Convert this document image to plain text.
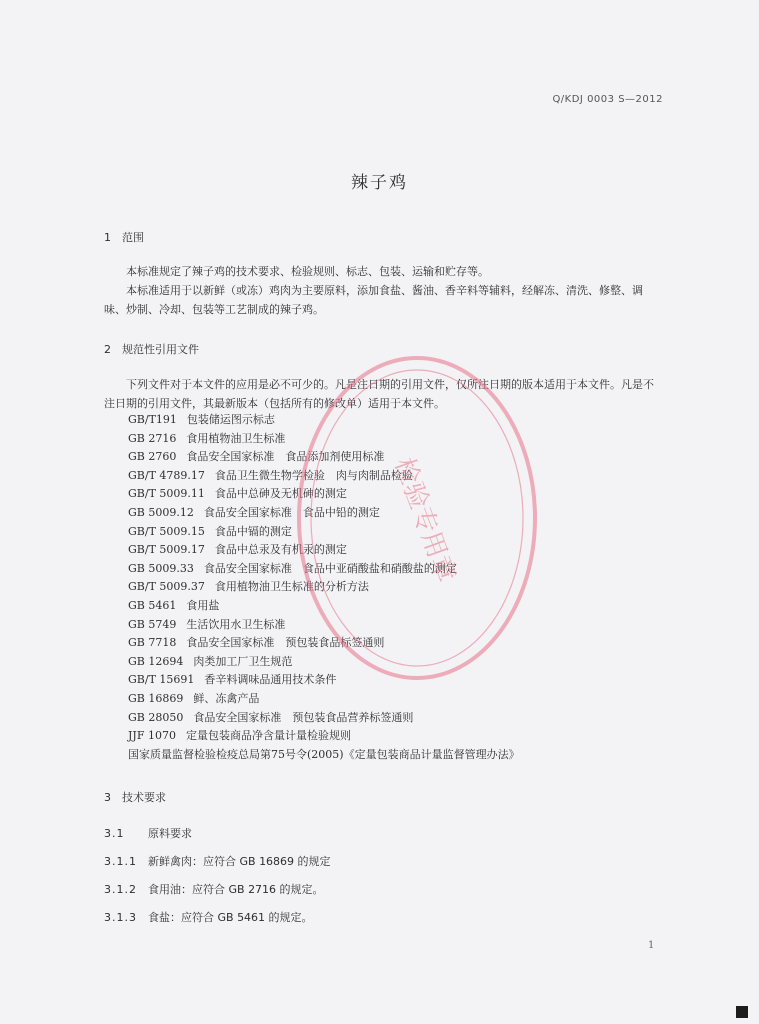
Q/KDJ 0003 S—2012
辣子鸡
1 范围
本标准规定了辣子鸡的技术要求、检验规则、标志、包装、运输和贮存等。
本标准适用于以新鲜（或冻）鸡肉为主要原料，添加食盐、酱油、香辛料等辅料，经解冻、清洗、修整、调味、炒制、冷却、包装等工艺制成的辣子鸡。
2 规范性引用文件
下列文件对于本文件的应用是必不可少的。凡是注日期的引用文件，仅所注日期的版本适用于本文件。凡是不注日期的引用文件，其最新版本（包括所有的修改单）适用于本文件。
GB/T191 包装储运图示标志
GB 2716 食用植物油卫生标准
GB 2760 食品安全国家标准　食品添加剂使用标准
GB/T 4789.17 食品卫生微生物学检验　肉与肉制品检验
GB/T 5009.11 食品中总砷及无机砷的测定
GB 5009.12 食品安全国家标准　食品中铅的测定
GB/T 5009.15 食品中镉的测定
GB/T 5009.17 食品中总汞及有机汞的测定
GB 5009.33 食品安全国家标准　食品中亚硝酸盐和硝酸盐的测定
GB/T 5009.37 食用植物油卫生标准的分析方法
GB 5461 食用盐
GB 5749 生活饮用水卫生标准
GB 7718 食品安全国家标准　预包装食品标签通则
GB 12694 肉类加工厂卫生规范
GB/T 15691 香辛料调味品通用技术条件
GB 16869 鲜、冻禽产品
GB 28050 食品安全国家标准　预包装食品营养标签通则
JJF 1070 定量包装商品净含量计量检验规则
国家质量监督检验检疫总局第75号令(2005)《定量包装商品计量监督管理办法》
3 技术要求
3.1 原料要求
3.1.1 新鲜禽肉：应符合 GB 16869 的规定
3.1.2 食用油：应符合 GB 2716 的规定。
3.1.3 食盐：应符合 GB 5461 的规定。
检验专用章
1
